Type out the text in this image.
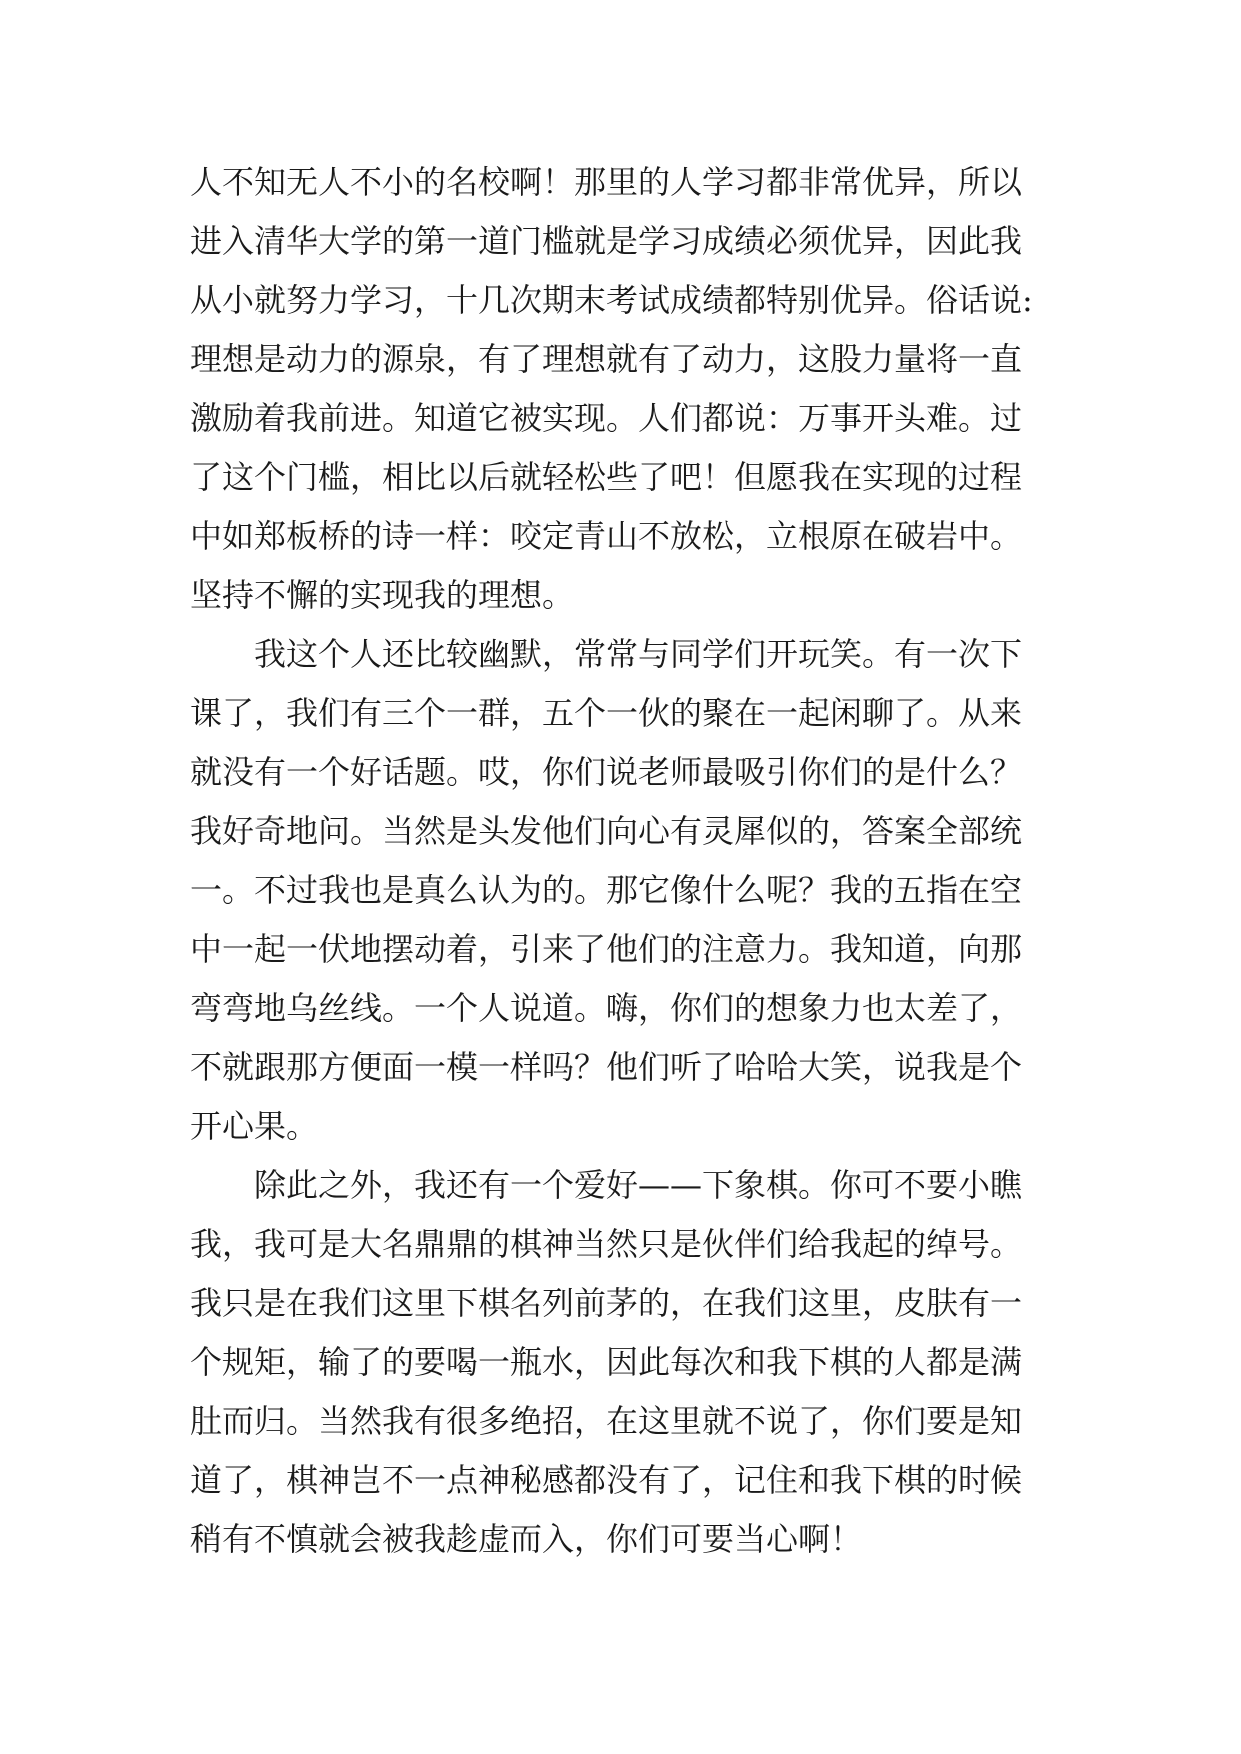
人不知无人不小的名校啊！那里的人学习都非常优异，所以
进入清华大学的第一道门槛就是学习成绩必须优异，因此我
从小就努力学习，十几次期末考试成绩都特别优异。俗话说:
理想是动力的源泉，有了理想就有了动力，这股力量将一直
激励着我前进。知道它被实现。人们都说：万事开头难。过
了这个门槛，相比以后就轻松些了吧！但愿我在实现的过程
中如郑板桥的诗一样：咬定青山不放松，立根原在破岩中。
坚持不懈的实现我的理想。
我这个人还比较幽默，常常与同学们开玩笑。有一次下
课了，我们有三个一群，五个一伙的聚在一起闲聊了。从来
就没有一个好话题。哎，你们说老师最吸引你们的是什么？
我好奇地问。当然是头发他们向心有灵犀似的，答案全部统
一。不过我也是真么认为的。那它像什么呢？我的五指在空
中一起一伏地摆动着，引来了他们的注意力。我知道，向那
弯弯地乌丝线。一个人说道。嗨，你们的想象力也太差了，
不就跟那方便面一模一样吗？他们听了哈哈大笑，说我是个
开心果。
除此之外，我还有一个爱好——下象棋。你可不要小瞧
我，我可是大名鼎鼎的棋神当然只是伙伴们给我起的绰号。
我只是在我们这里下棋名列前茅的，在我们这里，皮肤有一
个规矩，输了的要喝一瓶水，因此每次和我下棋的人都是满
肚而归。当然我有很多绝招，在这里就不说了，你们要是知
道了，棋神岂不一点神秘感都没有了，记住和我下棋的时候
稍有不慎就会被我趁虚而入，你们可要当心啊！
